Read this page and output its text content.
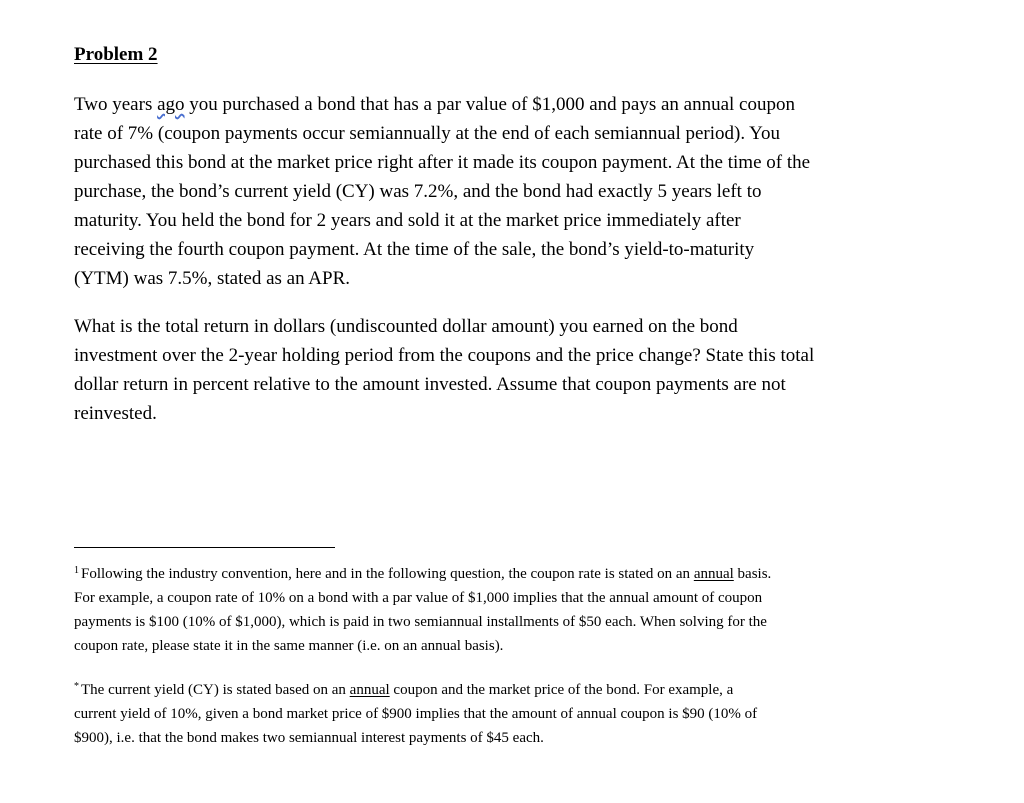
Problem 2

Two years ago you purchased a bond that has a par value of $1,000 and pays an annual coupon
rate of 7% (coupon payments occur semiannually at the end of each semiannual period). You
purchased this bond at the market price right after it made its coupon payment. At the time of the
purchase, the bond’s current yield (CY) was 7.2%, and the bond had exactly 5 years left to
maturity. You held the bond for 2 years and sold it at the market price immediately after
receiving the fourth coupon payment. At the time of the sale, the bond’s yield-to-maturity
(YTM) was 7.5%, stated as an APR.

What is the total return in dollars (undiscounted dollar amount) you earned on the bond
investment over the 2-year holding period from the coupons and the price change? State this total
dollar return in percent relative to the amount invested. Assume that coupon payments are not
reinvested.

$^1$ Following the industry convention, here and in the following question, the coupon rate is stated on an annual basis.
For example, a coupon rate of 10% on a bond with a par value of $1,000 implies that the annual amount of coupon
payments is $100 (10% of $1,000), which is paid in two semiannual installments of $50 each. When solving for the
coupon rate, please state it in the same manner (i.e. on an annual basis).

* The current yield (CY) is stated based on an annual coupon and the market price of the bond. For example, a
current yield of 10%, given a bond market price of $900 implies that the amount of annual coupon is $90 (10% of
$900), i.e. that the bond makes two semiannual interest payments of $45 each.
